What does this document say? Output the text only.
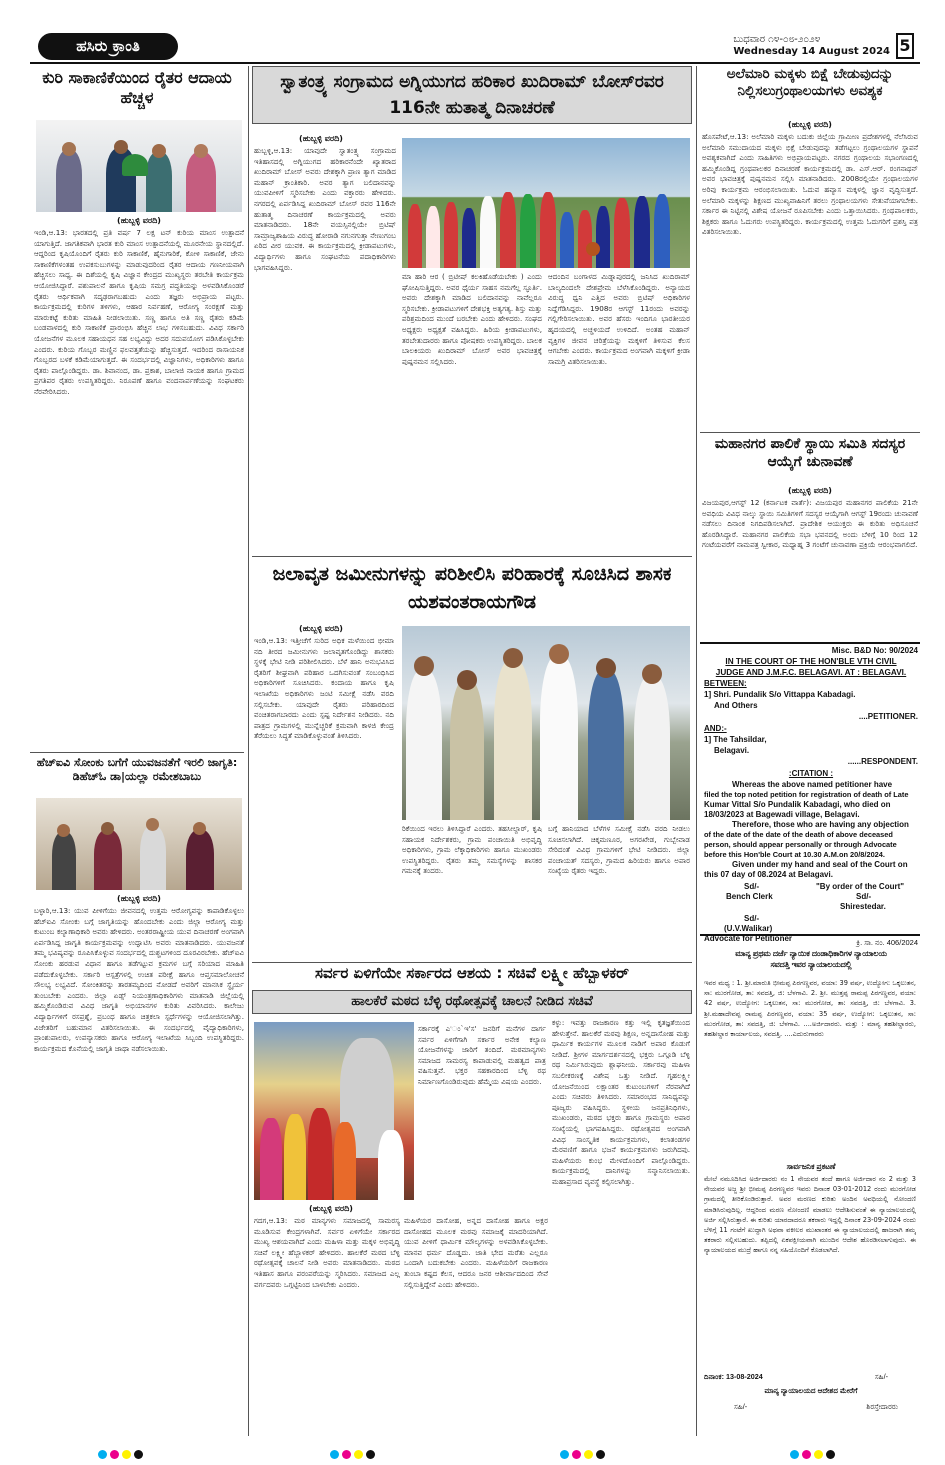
ಹಸಿರು ಕ್ರಾಂತಿ	ಬುಧವಾರ ೧೪-೦೮-೨೦೨೪
Wednesday 14 August 2024 5
ಕುರಿ ಸಾಕಾಣಿಕೆಯಿಂದ ರೈತರ ಆದಾಯ ಹೆಚ್ಚಳ
(ಹುಬ್ಬಳ್ಳಿ ವರದಿ)
ಇಂಡಿ,ಆ.13: ಭಾರತದಲ್ಲಿ ಪ್ರತಿ ವರ್ಷ 7 ಲಕ್ಷ ಟನ್ ಕುರಿಯ ಮಾಂಸ ಉತ್ಪಾದನೆ ಯಾಗುತ್ತಿದೆ. ಜಾಗತಿಕವಾಗಿ ಭಾರತ ಕುರಿ ಮಾಂಸ ಉತ್ಪಾದನೆಯಲ್ಲಿ ಮೂರನೇಯ ಸ್ಥಾನದಲ್ಲಿದೆ. ಆದ್ದರಿಂದ ಕೃಷಿಯೊಂದಿಗೆ ರೈತರು ಕುರಿ ಸಾಕಾಣಿಕೆ, ಹೈನುಗಾರಿಕೆ, ಕೋಳಿ ಸಾಕಾಣಿಕೆ, ಜೇನು ಸಾಕಾಣಿಕೆಗಳಂತಹ ಉಪಕಸುಬುಗಳನ್ನು ಮಾಡುವುದರಿಂದ ರೈತರ ಆದಾಯ ಗಣನೀಯವಾಗಿ ಹೆಚ್ಚಿಸಲು ಸಾಧ್ಯ. ಈ ದಿಶೆಯಲ್ಲಿ ಕೃಷಿ ವಿಜ್ಞಾನ ಕೇಂದ್ರದ ಮುಖ್ಯಸ್ಥರು ತರಬೇತಿ ಕಾರ್ಯಕ್ರಮ ಆಯೋಜಿಸಿದ್ದಾರೆ. ಪಶುಪಾಲನೆ ಹಾಗೂ ಕೃಷಿಯ ಸಮಗ್ರ ಪದ್ಧತಿಯನ್ನು ಅಳವಡಿಸಿಕೊಂಡರೆ ರೈತರು ಆರ್ಥಿಕವಾಗಿ ಸದೃಢರಾಗಬಹುದು ಎಂದು ತಜ್ಞರು ಅಭಿಪ್ರಾಯ ಪಟ್ಟರು. ಕಾರ್ಯಕ್ರಮದಲ್ಲಿ ಕುರಿಗಳ ತಳಿಗಳು, ಆಹಾರ ನಿರ್ವಹಣೆ, ಆರೋಗ್ಯ ಸಂರಕ್ಷಣೆ ಮತ್ತು ಮಾರುಕಟ್ಟೆ ಕುರಿತು ಮಾಹಿತಿ ನೀಡಲಾಯಿತು. ಸಣ್ಣ ಹಾಗೂ ಅತಿ ಸಣ್ಣ ರೈತರು ಕಡಿಮೆ ಬಂಡವಾಳದಲ್ಲಿ ಕುರಿ ಸಾಕಾಣಿಕೆ ಪ್ರಾರಂಭಿಸಿ ಹೆಚ್ಚಿನ ಲಾಭ ಗಳಿಸಬಹುದು. ವಿವಿಧ ಸರ್ಕಾರಿ ಯೋಜನೆಗಳ ಮೂಲಕ ಸಹಾಯಧನ ಸಹ ಲಭ್ಯವಿದ್ದು ಅದರ ಸದುಪಯೋಗ ಪಡಿಸಿಕೊಳ್ಳಬೇಕು ಎಂದರು. ಕುರಿಯ ಗೊಬ್ಬರ ಮಣ್ಣಿನ ಫಲವತ್ತತೆಯನ್ನು ಹೆಚ್ಚಿಸುತ್ತದೆ. ಇದರಿಂದ ರಾಸಾಯನಿಕ ಗೊಬ್ಬರದ ಬಳಕೆ ಕಡಿಮೆಯಾಗುತ್ತದೆ. ಈ ಸಂದರ್ಭದಲ್ಲಿ ವಿಜ್ಞಾನಿಗಳು, ಅಧಿಕಾರಿಗಳು ಹಾಗೂ ರೈತರು ಪಾಲ್ಗೊಂಡಿದ್ದರು. ಡಾ. ಶಿವಾನಂದ, ಡಾ. ಪ್ರಕಾಶ, ಬಾಲಾಜಿ ನಾಯಕ ಹಾಗೂ ಗ್ರಾಮದ ಪ್ರಗತಿಪರ ರೈತರು ಉಪಸ್ಥಿತರಿದ್ದರು. ನಿರೂಪಣೆ ಹಾಗೂ ವಂದನಾರ್ಪಣೆಯನ್ನು ಸಂಘಟಕರು ನೆರವೇರಿಸಿದರು.
ಹೆಚ್‌ಐವಿ ಸೋಂಕು ಬಗೆಗೆ ಯುವಜನತೆಗೆ ಇರಲಿ ಜಾಗೃತಿ: ಡಿಹೆಚ್‌ಓ ಡಾ|ಯಲ್ಲಾ ರಮೇಶಬಾಬು
(ಹುಬ್ಬಳ್ಳಿ ವರದಿ)
ಬಳ್ಳಾರಿ,ಆ.13: ಯುವ ಪೀಳಿಗೆಯು ಜೀವನದಲ್ಲಿ ಉತ್ತಮ ಆರೋಗ್ಯವನ್ನು ಕಾಪಾಡಿಕೊಳ್ಳಲು ಹೆಚ್‌ಐವಿ ಸೋಂಕು ಬಗ್ಗೆ ಜಾಗೃತಿಯನ್ನು ಹೊಂದಬೇಕು ಎಂದು ಜಿಲ್ಲಾ ಆರೋಗ್ಯ ಮತ್ತು ಕುಟುಂಬ ಕಲ್ಯಾಣಾಧಿಕಾರಿ ಅವರು ಹೇಳಿದರು. ಅಂತರರಾಷ್ಟ್ರೀಯ ಯುವ ದಿನಾಚರಣೆ ಅಂಗವಾಗಿ ಏರ್ಪಡಿಸಿದ್ದ ಜಾಗೃತಿ ಕಾರ್ಯಕ್ರಮವನ್ನು ಉದ್ಘಾಟಿಸಿ ಅವರು ಮಾತನಾಡಿದರು. ಯುವಜನತೆ ತಮ್ಮ ಭವಿಷ್ಯವನ್ನು ರೂಪಿಸಿಕೊಳ್ಳುವ ಸಂದರ್ಭದಲ್ಲಿ ದುಶ್ಚಟಗಳಿಂದ ದೂರವಿರಬೇಕು. ಹೆಚ್‌ಐವಿ ಸೋಂಕು ಹರಡುವ ವಿಧಾನ ಹಾಗೂ ತಡೆಗಟ್ಟುವ ಕ್ರಮಗಳ ಬಗ್ಗೆ ಸರಿಯಾದ ಮಾಹಿತಿ ಪಡೆದುಕೊಳ್ಳಬೇಕು. ಸರ್ಕಾರಿ ಆಸ್ಪತ್ರೆಗಳಲ್ಲಿ ಉಚಿತ ಪರೀಕ್ಷೆ ಹಾಗೂ ಆಪ್ತಸಮಾಲೋಚನೆ ಸೌಲಭ್ಯ ಲಭ್ಯವಿದೆ. ಸೋಂಕಿತರನ್ನು ತಾರತಮ್ಯದಿಂದ ನೋಡದೆ ಅವರಿಗೆ ಮಾನಸಿಕ ಸ್ಥೈರ್ಯ ತುಂಬಬೇಕು ಎಂದರು. ಜಿಲ್ಲಾ ಏಡ್ಸ್ ನಿಯಂತ್ರಣಾಧಿಕಾರಿಗಳು ಮಾತನಾಡಿ ಜಿಲ್ಲೆಯಲ್ಲಿ ಹಮ್ಮಿಕೊಂಡಿರುವ ವಿವಿಧ ಜಾಗೃತಿ ಅಭಿಯಾನಗಳ ಕುರಿತು ವಿವರಿಸಿದರು. ಕಾಲೇಜು ವಿದ್ಯಾರ್ಥಿಗಳಿಗೆ ರಸಪ್ರಶ್ನೆ, ಪ್ರಬಂಧ ಹಾಗೂ ಚಿತ್ರಕಲಾ ಸ್ಪರ್ಧೆಗಳನ್ನು ಆಯೋಜಿಸಲಾಗಿತ್ತು. ವಿಜೇತರಿಗೆ ಬಹುಮಾನ ವಿತರಿಸಲಾಯಿತು. ಈ ಸಂದರ್ಭದಲ್ಲಿ ವೈದ್ಯಾಧಿಕಾರಿಗಳು, ಪ್ರಾಂಶುಪಾಲರು, ಉಪನ್ಯಾಸಕರು ಹಾಗೂ ಆರೋಗ್ಯ ಇಲಾಖೆಯ ಸಿಬ್ಬಂದಿ ಉಪಸ್ಥಿತರಿದ್ದರು. ಕಾರ್ಯಕ್ರಮದ ಕೊನೆಯಲ್ಲಿ ಜಾಗೃತಿ ಜಾಥಾ ನಡೆಸಲಾಯಿತು.
ಸ್ವಾತಂತ್ರ್ಯ ಸಂಗ್ರಾಮದ ಅಗ್ನಿಯುಗದ ಹರಿಕಾರ ಖುದಿರಾಮ್ ಬೋಸ್‌ರವರ 116ನೇ ಹುತಾತ್ಮ ದಿನಾಚರಣೆ
(ಹುಬ್ಬಳ್ಳಿ ವರದಿ)
ಹುಬ್ಬಳ್ಳಿ,ಆ.13: ಯಾವುದೇ ಸ್ವಾತಂತ್ರ್ಯ ಸಂಗ್ರಾಮದ ಇತಿಹಾಸದಲ್ಲಿ ಅಗ್ನಿಯುಗದ ಹರಿಕಾರನೆಂದೇ ಖ್ಯಾತರಾದ ಖುದಿರಾಮ್ ಬೋಸ್ ಅವರು ದೇಶಕ್ಕಾಗಿ ಪ್ರಾಣ ತ್ಯಾಗ ಮಾಡಿದ ಮಹಾನ್ ಕ್ರಾಂತಿಕಾರಿ. ಅವರ ತ್ಯಾಗ ಬಲಿದಾನವನ್ನು ಯುವಪೀಳಿಗೆ ಸ್ಮರಿಸಬೇಕು ಎಂದು ವಕ್ತಾರರು ಹೇಳಿದರು. ನಗರದಲ್ಲಿ ಏರ್ಪಡಿಸಿದ್ದ ಖುದಿರಾಮ್ ಬೋಸ್ ರವರ 116ನೇ ಹುತಾತ್ಮ ದಿನಾಚರಣೆ ಕಾರ್ಯಕ್ರಮದಲ್ಲಿ ಅವರು ಮಾತನಾಡಿದರು. 18ನೇ ವಯಸ್ಸಿನಲ್ಲಿಯೇ ಬ್ರಿಟಿಷ್ ಸಾಮ್ರಾಜ್ಯಶಾಹಿಯ ವಿರುದ್ಧ ಹೋರಾಡಿ ನಗುನಗುತ್ತಾ ನೇಣುಗಂಬ ಏರಿದ ವೀರ ಯುವಕ. ಈ ಕಾರ್ಯಕ್ರಮದಲ್ಲಿ ಕ್ರೀಡಾಪಟುಗಳು, ವಿದ್ಯಾರ್ಥಿಗಳು ಹಾಗೂ ಸಂಘಟನೆಯ ಪದಾಧಿಕಾರಿಗಳು ಭಾಗವಹಿಸಿದ್ದರು.
ಮಾ ಹಾರಿ ಆರ ( ಬ್ರಿಟೀಷ್ ಕಲಕಿಹೊಡೆಯಬೇಕು ) ಎಂದು ಘೋಷಿಸುತ್ತಿದ್ದರು. ಅವರ ಧೈರ್ಯ ಸಾಹಸ ನಮಗೆಲ್ಲ ಸ್ಫೂರ್ತಿ. ಅವರು ದೇಶಕ್ಕಾಗಿ ಮಾಡಿದ ಬಲಿದಾನವನ್ನು ನಾವೆಲ್ಲರೂ ಸ್ಮರಿಸಬೇಕು. ಕ್ರೀಡಾಪಟುಗಳಿಗೆ ದೇಶಭಕ್ತಿ ಅತ್ಯಗತ್ಯ. ಶಿಸ್ತು ಮತ್ತು ಪರಿಶ್ರಮದಿಂದ ಮುಂದೆ ಬರಬೇಕು ಎಂದು ಹೇಳಿದರು. ಸಂಘದ ಅಧ್ಯಕ್ಷರು ಅಧ್ಯಕ್ಷತೆ ವಹಿಸಿದ್ದರು. ಹಿರಿಯ ಕ್ರೀಡಾಪಟುಗಳು, ತರಬೇತುದಾರರು ಹಾಗೂ ಪೋಷಕರು ಉಪಸ್ಥಿತರಿದ್ದರು. ಬಾಲಕ ಬಾಲಕಿಯರು ಖುದಿರಾಮ್ ಬೋಸ್ ಅವರ ಭಾವಚಿತ್ರಕ್ಕೆ ಪುಷ್ಪನಮನ ಸಲ್ಲಿಸಿದರು.
ಆದಂದಿನ ಬಂಗಾಳದ ಮಿಡ್ನಾಪುರದಲ್ಲಿ ಜನಿಸಿದ ಖುದಿರಾಮ್ ಬಾಲ್ಯದಿಂದಲೇ ದೇಶಪ್ರೇಮ ಬೆಳೆಸಿಕೊಂಡಿದ್ದರು. ಅನ್ಯಾಯದ ವಿರುದ್ಧ ಧ್ವನಿ ಎತ್ತಿದ ಅವರು ಬ್ರಿಟಿಷ್ ಅಧಿಕಾರಿಗಳ ನಿದ್ದೆಗೆಡಿಸಿದ್ದರು. 1908ರ ಆಗಸ್ಟ್ 11ರಂದು ಅವರನ್ನು ಗಲ್ಲಿಗೇರಿಸಲಾಯಿತು. ಅವರ ಹೆಸರು ಇಂದಿಗೂ ಭಾರತೀಯರ ಹೃದಯದಲ್ಲಿ ಅಚ್ಚಳಿಯದೆ ಉಳಿದಿದೆ. ಅಂತಹ ಮಹಾನ್ ವ್ಯಕ್ತಿಗಳ ಜೀವನ ಚರಿತ್ರೆಯನ್ನು ಮಕ್ಕಳಿಗೆ ತಿಳಿಸುವ ಕೆಲಸ ಆಗಬೇಕು ಎಂದರು. ಕಾರ್ಯಕ್ರಮದ ಅಂಗವಾಗಿ ಮಕ್ಕಳಿಗೆ ಕ್ರೀಡಾ ಸಾಮಗ್ರಿ ವಿತರಿಸಲಾಯಿತು.
ಜಲಾವೃತ ಜಮೀನುಗಳನ್ನು ಪರಿಶೀಲಿಸಿ ಪರಿಹಾರಕ್ಕೆ ಸೂಚಿಸಿದ ಶಾಸಕ ಯಶವಂತರಾಯಗೌಡ
(ಹುಬ್ಬಳ್ಳಿ ವರದಿ)
ಇಂಡಿ,ಆ.13: ಇತ್ತೀಚೆಗೆ ಸುರಿದ ಅಧಿಕ ಮಳೆಯಿಂದ ಭೀಮಾ ನದಿ ತೀರದ ಜಮೀನುಗಳು ಜಲಾವೃತಗೊಂಡಿದ್ದು ಶಾಸಕರು ಸ್ಥಳಕ್ಕೆ ಭೇಟಿ ನೀಡಿ ಪರಿಶೀಲಿಸಿದರು. ಬೆಳೆ ಹಾನಿ ಅನುಭವಿಸಿದ ರೈತರಿಗೆ ಶೀಘ್ರವಾಗಿ ಪರಿಹಾರ ಒದಗಿಸುವಂತೆ ಸಂಬಂಧಿಸಿದ ಅಧಿಕಾರಿಗಳಿಗೆ ಸೂಚಿಸಿದರು. ಕಂದಾಯ ಹಾಗೂ ಕೃಷಿ ಇಲಾಖೆಯ ಅಧಿಕಾರಿಗಳು ಜಂಟಿ ಸಮೀಕ್ಷೆ ನಡೆಸಿ ವರದಿ ಸಲ್ಲಿಸಬೇಕು. ಯಾವುದೇ ರೈತರು ಪರಿಹಾರದಿಂದ ವಂಚಿತರಾಗಬಾರದು ಎಂದು ಸ್ಪಷ್ಟ ನಿರ್ದೇಶನ ನೀಡಿದರು. ನದಿ ಪಾತ್ರದ ಗ್ರಾಮಗಳಲ್ಲಿ ಮುನ್ನೆಚ್ಚರಿಕೆ ಕ್ರಮವಾಗಿ ಕಾಳಜಿ ಕೇಂದ್ರ ತೆರೆಯಲು ಸಿದ್ಧತೆ ಮಾಡಿಕೊಳ್ಳುವಂತೆ ತಿಳಿಸಿದರು.
ರಿಕೆಯಿಂದ ಇರಲು ತಿಳಿಸಿದ್ದಾರೆ ಎಂದರು. ತಹಸೀಲ್ದಾರ್, ಕೃಷಿ ಸಹಾಯಕ ನಿರ್ದೇಶಕರು, ಗ್ರಾಮ ಪಂಚಾಯಿತಿ ಅಭಿವೃದ್ಧಿ ಅಧಿಕಾರಿಗಳು, ಗ್ರಾಮ ಲೆಕ್ಕಾಧಿಕಾರಿಗಳು ಹಾಗೂ ಮುಖಂಡರು ಉಪಸ್ಥಿತರಿದ್ದರು. ರೈತರು ತಮ್ಮ ಸಮಸ್ಯೆಗಳನ್ನು ಶಾಸಕರ ಗಮನಕ್ಕೆ ತಂದರು.
ಬಗ್ಗೆ ಹಾನಿಯಾದ ಬೆಳೆಗಳ ಸಮೀಕ್ಷೆ ನಡೆಸಿ ವರದಿ ನೀಡಲು ಸೂಚಿಸಲಾಗಿದೆ. ಚಿಕ್ಕಮಣೂರ, ಅಗರಖೇಡ, ಗುಬ್ಬೇವಾಡ ಸೇರಿದಂತೆ ವಿವಿಧ ಗ್ರಾಮಗಳಿಗೆ ಭೇಟಿ ನೀಡಿದರು. ಜಿಲ್ಲಾ ಪಂಚಾಯತ್ ಸದಸ್ಯರು, ಗ್ರಾಮದ ಹಿರಿಯರು ಹಾಗೂ ಅಪಾರ ಸಂಖ್ಯೆಯ ರೈತರು ಇದ್ದರು.
ಸರ್ವರ ಏಳಿಗೆಯೇ ಸರ್ಕಾರದ ಆಶಯ : ಸಚಿವೆ ಲಕ್ಷ್ಮೀ ಹೆಬ್ಬಾಳಕರ್
ಹಾಲಕೆರೆ ಮಠದ ಬೆಳ್ಳಿ ರಥೋತ್ಸವಕ್ಕೆ ಚಾಲನೆ ನೀಡಿದ ಸಚಿವೆ
ಸರ್ಕಾರಕ್ಕೆ ಎ'ಂ`ಇ'ಸ' ಜನರಿಗೆ ಮನೆಗಳ ದಾರ್ಗ ಸರ್ವರ ಏಳಿಗೆಗಾಗಿ ಸರ್ಕಾರ ಅನೇಕ ಕಲ್ಯಾಣ ಯೋಜನೆಗಳನ್ನು ಜಾರಿಗೆ ತಂದಿದೆ. ಮಠಮಾನ್ಯಗಳು ಸಮಾಜದ ಸಾಮರಸ್ಯ ಕಾಪಾಡುವಲ್ಲಿ ಮಹತ್ವದ ಪಾತ್ರ ವಹಿಸುತ್ತವೆ. ಭಕ್ತರ ಸಹಕಾರದಿಂದ ಬೆಳ್ಳಿ ರಥ ನಿರ್ಮಾಣಗೊಂಡಿರುವುದು ಹೆಮ್ಮೆಯ ವಿಷಯ ಎಂದರು.
ಕಳ್ಳು: ಇವತ್ತು ರಾಜಕಾರಣ ಕತ್ತು ಇಲ್ಲಿ ಕೃತಜ್ಞತೆಯಿಂದ ಹೇಳುತ್ತೇನೆ. ಹಾಲಕೆರೆ ಮಠವು ಶಿಕ್ಷಣ, ಅನ್ನದಾಸೋಹ ಮತ್ತು ಧಾರ್ಮಿಕ ಕಾರ್ಯಗಳ ಮೂಲಕ ನಾಡಿಗೆ ಅಪಾರ ಕೊಡುಗೆ ನೀಡಿದೆ. ಶ್ರೀಗಳ ಮಾರ್ಗದರ್ಶನದಲ್ಲಿ ಭಕ್ತರು ಒಗ್ಗೂಡಿ ಬೆಳ್ಳಿ ರಥ ನಿರ್ಮಿಸಿರುವುದು ಶ್ಲಾಘನೀಯ. ಸರ್ಕಾರವು ಮಹಿಳಾ ಸಬಲೀಕರಣಕ್ಕೆ ವಿಶೇಷ ಒತ್ತು ನೀಡಿದೆ. ಗೃಹಲಕ್ಷ್ಮೀ ಯೋಜನೆಯಿಂದ ಲಕ್ಷಾಂತರ ಕುಟುಂಬಗಳಿಗೆ ನೆರವಾಗಿದೆ ಎಂದು ಸಚಿವರು ತಿಳಿಸಿದರು. ಸಮಾರಂಭದ ಸಾನಿಧ್ಯವನ್ನು ಪೂಜ್ಯರು ವಹಿಸಿದ್ದರು. ಸ್ಥಳೀಯ ಜನಪ್ರತಿನಿಧಿಗಳು, ಮುಖಂಡರು, ಮಠದ ಭಕ್ತರು ಹಾಗೂ ಗ್ರಾಮಸ್ಥರು ಅಪಾರ ಸಂಖ್ಯೆಯಲ್ಲಿ ಭಾಗವಹಿಸಿದ್ದರು. ರಥೋತ್ಸವದ ಅಂಗವಾಗಿ ವಿವಿಧ ಸಾಂಸ್ಕೃತಿಕ ಕಾರ್ಯಕ್ರಮಗಳು, ಕಲಾತಂಡಗಳ ಮೆರವಣಿಗೆ ಹಾಗೂ ಭಜನೆ ಕಾರ್ಯಕ್ರಮಗಳು ಜರುಗಿದವು. ಮಹಿಳೆಯರು ಕುಂಭ ಮೇಳದೊಂದಿಗೆ ಪಾಲ್ಗೊಂಡಿದ್ದರು. ಕಾರ್ಯಕ್ರಮದಲ್ಲಿ ದಾನಿಗಳನ್ನು ಸನ್ಮಾನಿಸಲಾಯಿತು. ಮಹಾಪ್ರಸಾದ ವ್ಯವಸ್ಥೆ ಕಲ್ಪಿಸಲಾಗಿತ್ತು.
(ಹುಬ್ಬಳ್ಳಿ ವರದಿ)
ಗದಗ,ಆ.13: ಮಠ ಮಾನ್ಯಗಳು ಸಮಾಜದಲ್ಲಿ ಸಾಮರಸ್ಯ ಮೂಡಿಸುವ ಕೇಂದ್ರಗಳಾಗಿವೆ. ಸರ್ವರ ಏಳಿಗೆಯೇ ಸರ್ಕಾರದ ಮುಖ್ಯ ಆಶಯವಾಗಿದೆ ಎಂದು ಮಹಿಳಾ ಮತ್ತು ಮಕ್ಕಳ ಅಭಿವೃದ್ಧಿ ಸಚಿವೆ ಲಕ್ಷ್ಮೀ ಹೆಬ್ಬಾಳಕರ್ ಹೇಳಿದರು. ಹಾಲಕೆರೆ ಮಠದ ಬೆಳ್ಳಿ ರಥೋತ್ಸವಕ್ಕೆ ಚಾಲನೆ ನೀಡಿ ಅವರು ಮಾತನಾಡಿದರು. ಮಠದ ಇತಿಹಾಸ ಹಾಗೂ ಪರಂಪರೆಯನ್ನು ಸ್ಮರಿಸಿದರು. ಸಮಾಜದ ಎಲ್ಲ ವರ್ಗದವರು ಒಗ್ಗಟ್ಟಿನಿಂದ ಬಾಳಬೇಕು ಎಂದರು.
ಮಹಿಳೆಯರ ದಾಸೋಹ, ಅನ್ನದ ದಾಸೋಹ ಹಾಗೂ ಅಕ್ಷರ ದಾಸೋಹದ ಮೂಲಕ ಮಠವು ಸಮಾಜಕ್ಕೆ ಮಾದರಿಯಾಗಿದೆ. ಯುವ ಪೀಳಿಗೆ ಧಾರ್ಮಿಕ ಮೌಲ್ಯಗಳನ್ನು ಅಳವಡಿಸಿಕೊಳ್ಳಬೇಕು. ಮಾನವ ಧರ್ಮ ದೊಡ್ಡದು. ಜಾತಿ ಭೇದ ಮರೆತು ಎಲ್ಲರೂ ಒಂದಾಗಿ ಬದುಕಬೇಕು ಎಂದರು. ಮಹಿಳೆಯರಿಗೆ ರಾಜಕಾರಣ ತುಂಬಾ ಕಷ್ಟದ ಕೆಲಸ, ಆದರೂ ಜನರ ಆಶೀರ್ವಾದದಿಂದ ಸೇವೆ ಸಲ್ಲಿಸುತ್ತಿದ್ದೇನೆ ಎಂದು ಹೇಳಿದರು.
ಅಲೆಮಾರಿ ಮಕ್ಕಳು ಬಿಕ್ಷೆ ಬೇಡುವುದನ್ನು ನಿಲ್ಲಿಸಲುಗ್ರಂಥಾಲಯಗಳು ಅವಶ್ಯಕ
(ಹುಬ್ಬಳ್ಳಿ ವರದಿ)
ಹೊಸಪೇಟೆ,ಆ.13: ಅಲೆಮಾರಿ ಮಕ್ಕಳು ಬದುಕು ಜಿಲ್ಲೆಯ ಗ್ರಾಮೀಣ ಪ್ರದೇಶಗಳಲ್ಲಿ ನೆಲೆಸಿರುವ ಅಲೆಮಾರಿ ಸಮುದಾಯದ ಮಕ್ಕಳು ಭಿಕ್ಷೆ ಬೇಡುವುದನ್ನು ತಡೆಗಟ್ಟಲು ಗ್ರಂಥಾಲಯಗಳ ಸ್ಥಾಪನೆ ಅವಶ್ಯಕವಾಗಿದೆ ಎಂದು ಸಾಹಿತಿಗಳು ಅಭಿಪ್ರಾಯಪಟ್ಟರು. ನಗರದ ಗ್ರಂಥಾಲಯ ಸಭಾಂಗಣದಲ್ಲಿ ಹಮ್ಮಿಕೊಂಡಿದ್ದ ಗ್ರಂಥಪಾಲಕರ ದಿನಾಚರಣೆ ಕಾರ್ಯಕ್ರಮದಲ್ಲಿ ಡಾ. ಎಸ್.ಆರ್. ರಂಗನಾಥನ್ ಅವರ ಭಾವಚಿತ್ರಕ್ಕೆ ಪುಷ್ಪನಮನ ಸಲ್ಲಿಸಿ ಮಾತನಾಡಿದರು. 2008ರಲ್ಲಿಯೇ ಗ್ರಂಥಾಲಯಗಳ ಅರಿವು ಕಾರ್ಯಕ್ರಮ ಆರಂಭಿಸಲಾಯಿತು. ಓದುವ ಹವ್ಯಾಸ ಮಕ್ಕಳಲ್ಲಿ ಜ್ಞಾನ ವೃದ್ಧಿಸುತ್ತದೆ. ಅಲೆಮಾರಿ ಮಕ್ಕಳನ್ನು ಶಿಕ್ಷಣದ ಮುಖ್ಯವಾಹಿನಿಗೆ ತರಲು ಗ್ರಂಥಾಲಯಗಳು ಸೇತುವೆಯಾಗಬೇಕು. ಸರ್ಕಾರ ಈ ನಿಟ್ಟಿನಲ್ಲಿ ವಿಶೇಷ ಯೋಜನೆ ರೂಪಿಸಬೇಕು ಎಂದು ಒತ್ತಾಯಿಸಿದರು. ಗ್ರಂಥಪಾಲಕರು, ಶಿಕ್ಷಕರು ಹಾಗೂ ಓದುಗರು ಉಪಸ್ಥಿತರಿದ್ದರು. ಕಾರ್ಯಕ್ರಮದಲ್ಲಿ ಉತ್ತಮ ಓದುಗರಿಗೆ ಪ್ರಶಸ್ತಿ ಪತ್ರ ವಿತರಿಸಲಾಯಿತು.
ಮಹಾನಗರ ಪಾಲಿಕೆ ಸ್ಥಾಯಿ ಸಮಿತಿ ಸದಸ್ಯರ ಆಯ್ಕೆಗೆ ಚುನಾವಣೆ
(ಹುಬ್ಬಳ್ಳಿ ವರದಿ)
ವಿಜಯಪುರ,ಆಗಸ್ಟ್ 12 (ಕರ್ನಾಟಕ ವಾರ್ತೆ): ವಿಜಯಪುರ ಮಹಾನಗರ ಪಾಲಿಕೆಯ 21ನೇ ಅವಧಿಯ ವಿವಿಧ ನಾಲ್ಕು ಸ್ಥಾಯಿ ಸಮಿತಿಗಳಿಗೆ ಸದಸ್ಯರ ಆಯ್ಕೆಗಾಗಿ ಆಗಸ್ಟ್ 19ರಂದು ಚುನಾವಣೆ ನಡೆಸಲು ದಿನಾಂಕ ನಿಗದಿಪಡಿಸಲಾಗಿದೆ. ಪ್ರಾದೇಶಿಕ ಆಯುಕ್ತರು ಈ ಕುರಿತು ಅಧಿಸೂಚನೆ ಹೊರಡಿಸಿದ್ದಾರೆ. ಮಹಾನಗರ ಪಾಲಿಕೆಯ ಸಭಾ ಭವನದಲ್ಲಿ ಅಂದು ಬೆಳಿಗ್ಗೆ 10 ರಿಂದ 12 ಗಂಟೆಯವರೆಗೆ ನಾಮಪತ್ರ ಸ್ವೀಕಾರ, ಮಧ್ಯಾಹ್ನ 3 ಗಂಟೆಗೆ ಚುನಾವಣಾ ಪ್ರಕ್ರಿಯೆ ಆರಂಭವಾಗಲಿದೆ.
Misc. B&D No: 90/2024
IN THE COURT OF THE HON'BLE VTH CIVIL
JUDGE AND J.M.F.C. BELAGAVI. AT : BELAGAVI.
BETWEEN:
1] Shri. Pundalik S/o Vittappa Kabadagi.
And Others
....PETITIONER.
AND:-
1] The Tahsildar,
Belagavi.
......RESPONDENT.
:CITATION :
Whereas the above named petitioner have
filed the top noted petition for registration of death of Late
Kumar Vittal S/o Pundalik Kabadagi, who died on
18/03/2023 at Bagewadi village, Belagavi.
Therefore, those who are having any objection
of the date of the date of the death of above deceased
person, should appear personally or through Advocate
before this Hon'ble Court at 10.30 A.M.on 20/8/2024.
Given under my hand and seal of the Court on
this 07 day of 08.2024 at Belagavi.
Sd/-	"By order of the Court"
Bench Clerk	Sd/-
Shirestedar.
Sd/-
(U.V.Walikar)
Advocate for Petitioner	ಕ್ರಿ. ಸಾ. ನಂ. 406/2024
ಮಾನ್ಯ ಪ್ರಥಮ ದರ್ಜೆ ನ್ಯಾಯಿಕ ದಂಡಾಧಿಕಾರಿಗಳ ನ್ಯಾಯಾಲಯ
ಸವದತ್ತಿ ಇವರ ನ್ಯಾಯಾಲಯದಲ್ಲಿ
ಇವರ ಮಧ್ಯ : 1. ಶ್ರೀ.ಮಾರುತಿ ಭೀಮಪ್ಪ ಪಿರಗಣ್ಣವರ, ವಯಾ: 39 ವರ್ಷ, ಉದ್ಯೋಗ: ಒಕ್ಕಲುತನ, ಸಾ: ಮುರಗೋಡ, ತಾ: ಸವದತ್ತಿ, ಜಿ: ಬೆಳಗಾವಿ. 2. ಶ್ರೀ. ಮುತ್ತಪ್ಪ ರಾಮಪ್ಪ ಪಿರಗಣ್ಣವರ, ವಯಾ: 42 ವರ್ಷ, ಉದ್ಯೋಗ: ಒಕ್ಕಲುತನ, ಸಾ: ಮುರಗೋಡ, ತಾ: ಸವದತ್ತಿ, ಜಿ: ಬೆಳಗಾವಿ. 3. ಶ್ರೀ.ಮಹಾದೇವಪ್ಪ ರಾಮಪ್ಪ ಪಿರಗಣ್ಣವರ, ವಯಾ: 35 ವರ್ಷ, ಉದ್ಯೋಗ: ಒಕ್ಕಲುತನ, ಸಾ: ಮುರಗೋಡ, ತಾ: ಸವದತ್ತಿ, ಜಿ: ಬೆಳಗಾವಿ. ....ಅರ್ಜಿದಾರರು. ಮತ್ತು : ಮಾನ್ಯ ತಹಶೀಲ್ದಾರರು, ತಹಶೀಲ್ದಾರ ಕಾರ್ಯಾಲಯ, ಸವದತ್ತಿ. ....ಎದುರುಗಾರರು
ಸಾರ್ವಜನಿಕ ಪ್ರಕಟಣೆ
ಮೇಲೆ ನಮೂದಿಸಿದ ಅರ್ಜಿದಾರರು ನಂ 1 ನೇಯವರ ತಂದೆ ಹಾಗೂ ಅರ್ಜಿದಾರ ನಂ 2 ಮತ್ತು 3 ನೇಯವರ ಅಜ್ಜ ಶ್ರೀ ಭೀಮಪ್ಪ ಪಿರಗಣ್ಣವರ ಇವರು ದಿನಾಂಕ 03-01-2012 ರಂದು ಮುರಗೋಡ ಗ್ರಾಮದಲ್ಲಿ ತೀರಿಕೊಂಡಿರುತ್ತಾರೆ. ಅವರ ಮರಣದ ಕುರಿತು ಅಂದಿನ ಅವಧಿಯಲ್ಲಿ ನೋಂದಣಿ ಮಾಡಿಸಿರುವುದಿಲ್ಲ. ಆದ್ದರಿಂದ ಮರಣ ನೋಂದಣಿ ಮಾಡಲು ಆದೇಶಿಸುವಂತೆ ಈ ನ್ಯಾಯಾಲಯದಲ್ಲಿ ಅರ್ಜಿ ಸಲ್ಲಿಸಿರುತ್ತಾರೆ. ಈ ಕುರಿತು ಯಾರದಾದರೂ ತಕರಾರು ಇದ್ದಲ್ಲಿ ದಿನಾಂಕ 23-09-2024 ರಂದು ಬೆಳಿಗ್ಗೆ 11 ಗಂಟೆಗೆ ಖುದ್ದಾಗಿ ಅಥವಾ ವಕೀಲರ ಮುಖಾಂತರ ಈ ನ್ಯಾಯಾಲಯದಲ್ಲಿ ಹಾಜರಾಗಿ ತಮ್ಮ ತಕರಾರು ಸಲ್ಲಿಸಬಹುದು. ತಪ್ಪಿದಲ್ಲಿ ಏಕಪಕ್ಷೀಯವಾಗಿ ಮುಂದಿನ ಆದೇಶ ಹೊರಡಿಸಲಾಗುವುದು. ಈ ನ್ಯಾಯಾಲಯದ ಮುದ್ರೆ ಹಾಗೂ ನನ್ನ ಸಹಿಯೊಂದಿಗೆ ಕೊಡಲಾಗಿದೆ.
ದಿನಾಂಕ: 13-08-2024	ಸಹಿ/-
ಮಾನ್ಯ ನ್ಯಾಯಾಲಯದ ಆದೇಶದ ಮೇರೆಗೆ
ಸಹಿ/-	ಶಿರಸ್ತೇದಾರರು
